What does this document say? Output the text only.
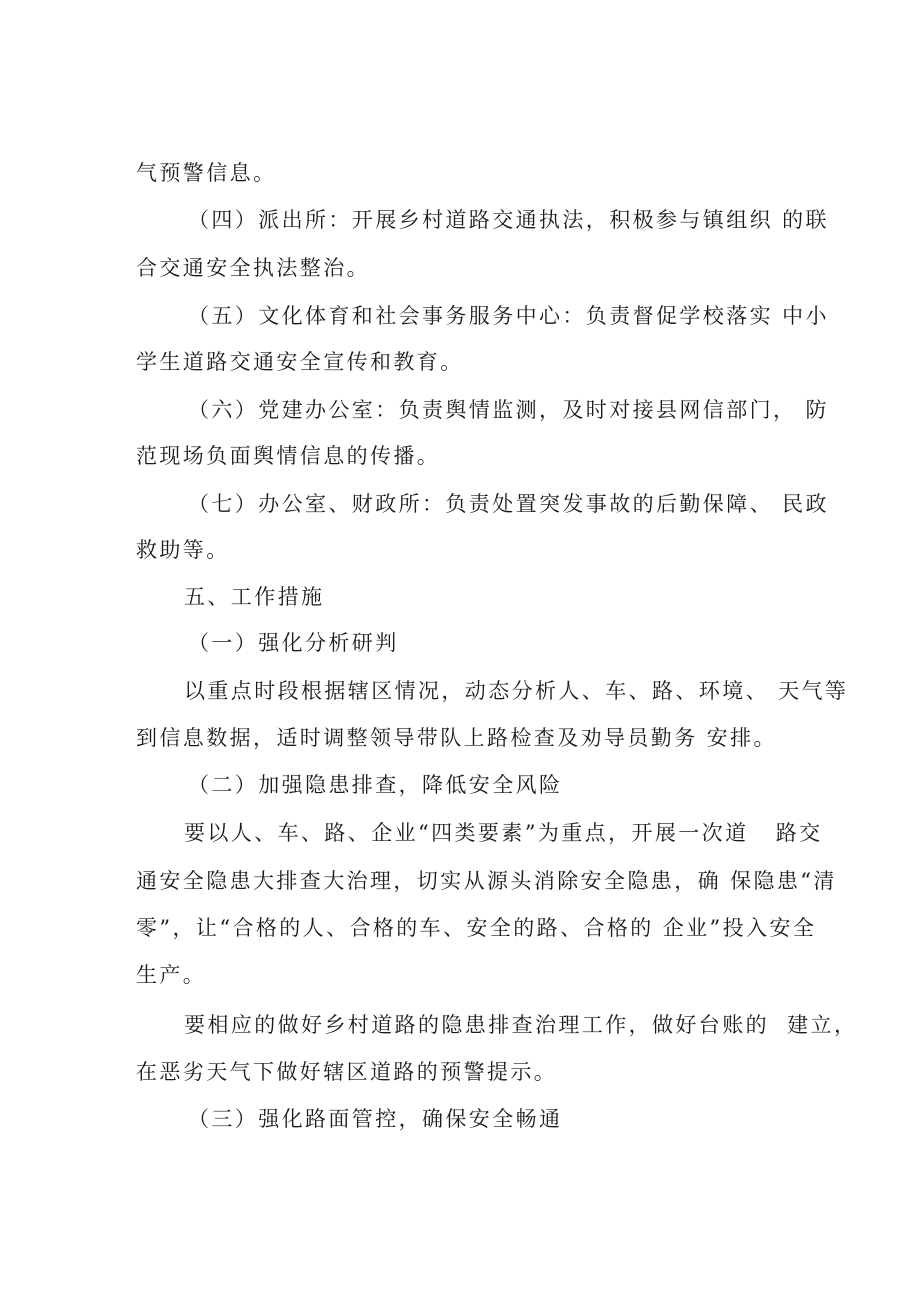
气预警信息。
（四）派出所：开展乡村道路交通执法，积极参与镇组织 的联
合交通安全执法整治。
（五）文化体育和社会事务服务中心：负责督促学校落实 中小
学生道路交通安全宣传和教育。
（六）党建办公室：负责舆情监测，及时对接县网信部门， 防
范现场负面舆情信息的传播。
（七）办公室、财政所：负责处置突发事故的后勤保障、 民政
救助等。
五、工作措施
（一）强化分析研判
以重点时段根据辖区情况，动态分析人、车、路、环境、 天气等
到信息数据，适时调整领导带队上路检查及劝导员勤务 安排。
（二）加强隐患排查，降低安全风险
要以人、车、路、企业“四类要素”为重点，开展一次道   路交
通安全隐患大排查大治理，切实从源头消除安全隐患，确 保隐患“清
零”，让“合格的人、合格的车、安全的路、合格的 企业”投入安全
生产。
要相应的做好乡村道路的隐患排查治理工作，做好台账的  建立，
在恶劣天气下做好辖区道路的预警提示。
（三）强化路面管控，确保安全畅通
